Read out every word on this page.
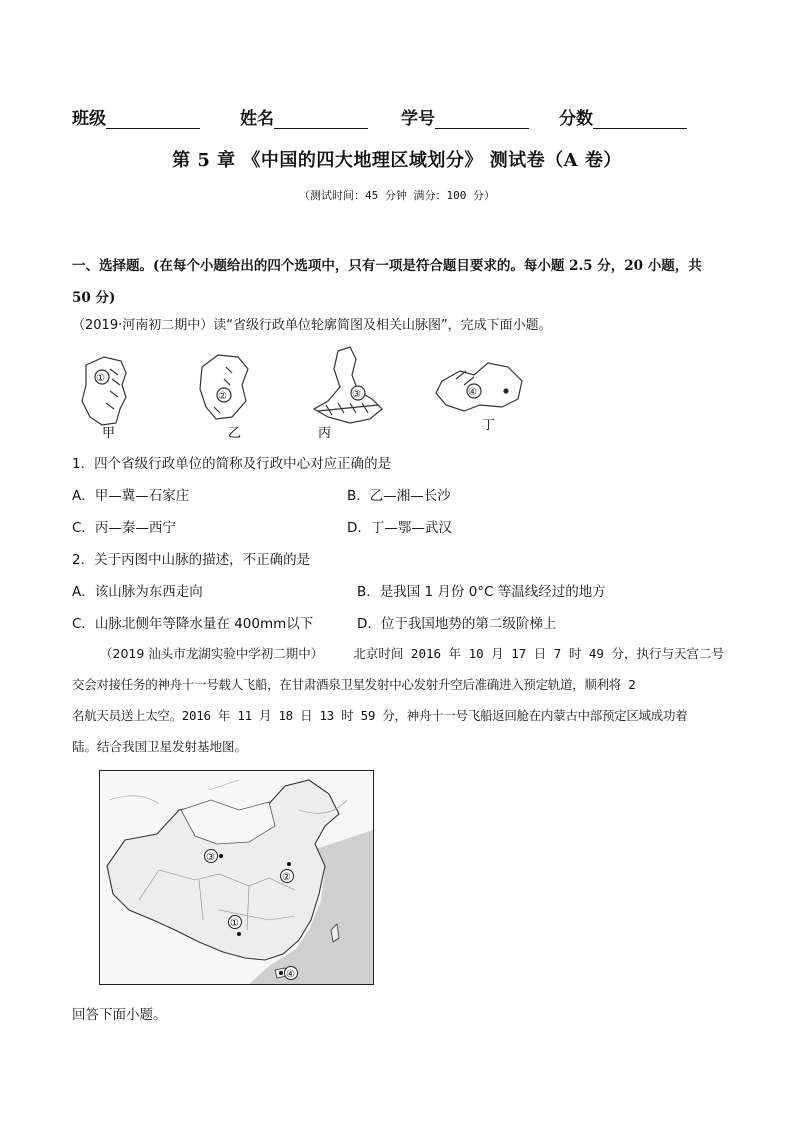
班级	姓名	学号	分数
第 5 章 《中国的四大地理区域划分》 测试卷（A 卷）
（测试时间：45 分钟 满分：100 分）
一、选择题。(在每个小题给出的四个选项中，只有一项是符合题目要求的。每小题 2.5 分，20 小题，共 50 分)
（2019·河南初二期中）读“省级行政单位轮廓简图及相关山脉图”，完成下面小题。
①
②	③	④
甲	乙	丙
丁
1．四个省级行政单位的简称及行政中心对应正确的是
A．甲—冀—石家庄	B．乙—湘—长沙
C．丙—秦—西宁	D．丁—鄂—武汉
2．关于丙图中山脉的描述，不正确的是
A．该山脉为东西走向	B．是我国 1 月份 0°C 等温线经过的地方
C．山脉北侧年等降水量在 400mm以下	D．位于我国地势的第二级阶梯上
（2019 汕头市龙湖实验中学初二期中） 北京时间 2016 年 10 月 17 日 7 时 49 分，执行与天宫二号
交会对接任务的神舟十一号载人飞船，在甘肃酒泉卫星发射中心发射升空后准确进入预定轨道，顺利将 2
名航天员送上太空。2016 年 11 月 18 日 13 时 59 分，神舟十一号飞船返回舱在内蒙古中部预定区域成功着
陆。结合我国卫星发射基地图。
①
②
③
④
回答下面小题。
